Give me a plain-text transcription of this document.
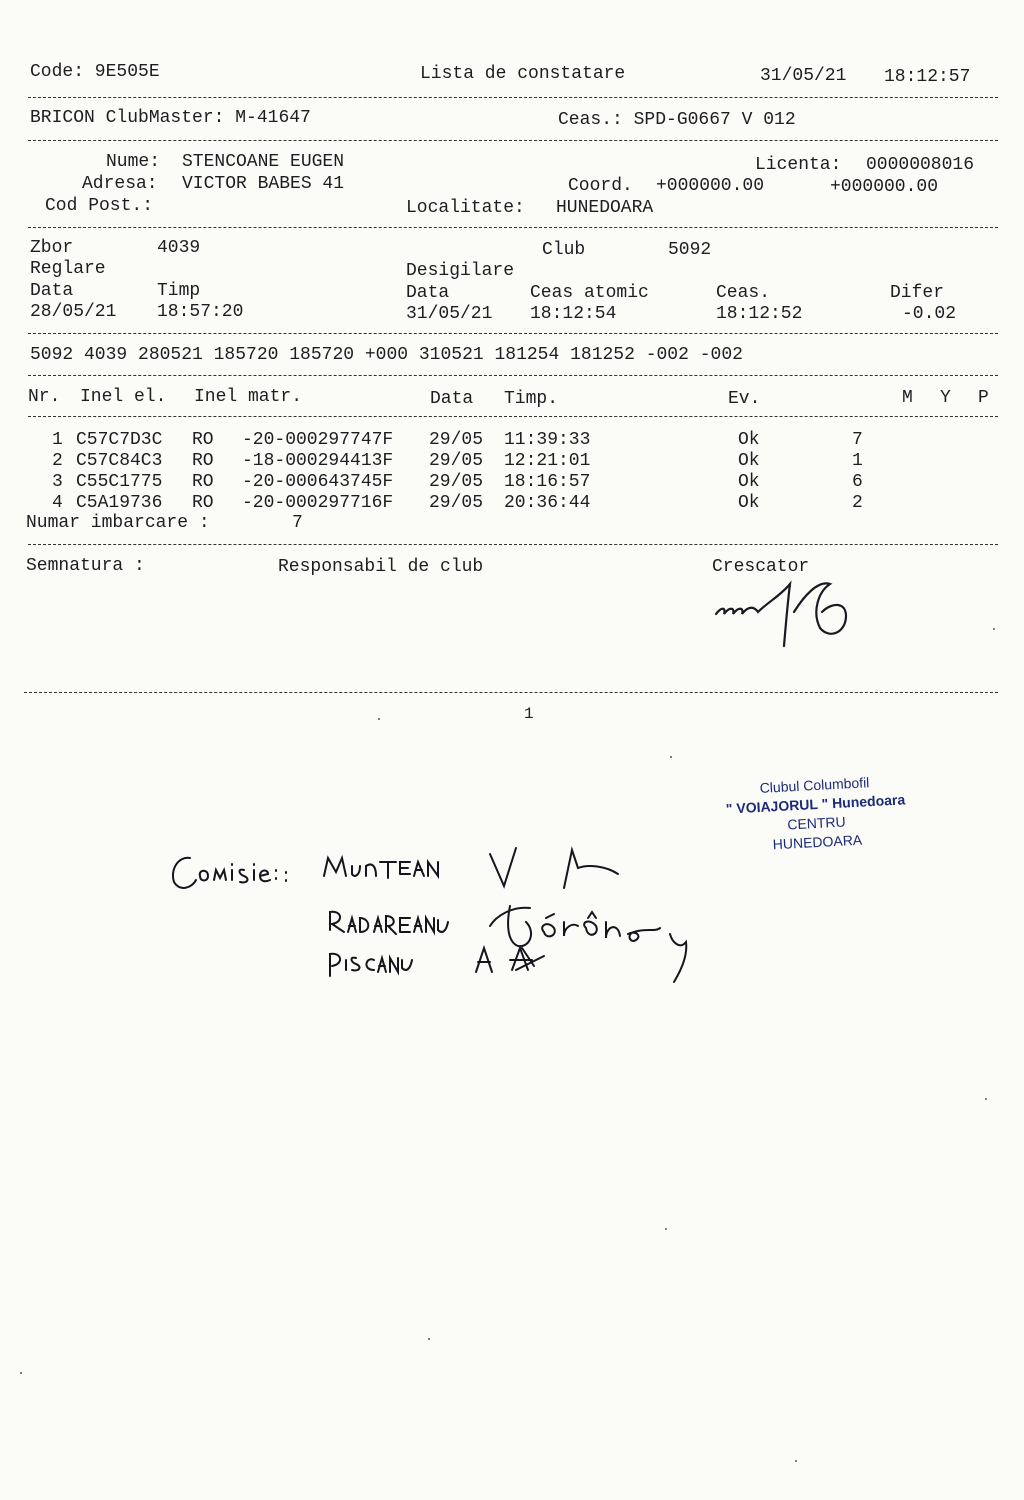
Code: 9E505E	Lista de constatare	31/05/21 18:12:57
BRICON ClubMaster: M-41647	Ceas.: SPD-G0667 V 012
Nume: STENCOANE EUGEN	Licenta: 0000008016
Adresa: VICTOR BABES 41	Coord. +000000.00	+000000.00
Cod Post.:	Localitate: HUNEDOARA
Zbor	4039	Club	5092
Reglare	Desigilare
Data	Timp	Data	Ceas atomic	Ceas.	Difer
28/05/21 18:57:20	31/05/21 18:12:54	18:12:52	-0.02
5092 4039 280521 185720 185720 +000 310521 181254 181252 -002 -002
Nr. Inel el. Inel matr.	Data Timp.	Ev.	M Y P
1 C57C7D3C RO -20-000297747F 29/05 11:39:33	Ok	7
2 C57C84C3 RO -18-000294413F 29/05 12:21:01	Ok	1
3 C55C1775 RO -20-000643745F 29/05 18:16:57	Ok	6
4 C5A19736 RO -20-000297716F 29/05 20:36:44	Ok	2
Numar imbarcare :	7
Semnatura :	Responsabil de club	Crescator
1
Clubul Columbofil
" VOIAJORUL " Hunedoara
CENTRU
HUNEDOARA
